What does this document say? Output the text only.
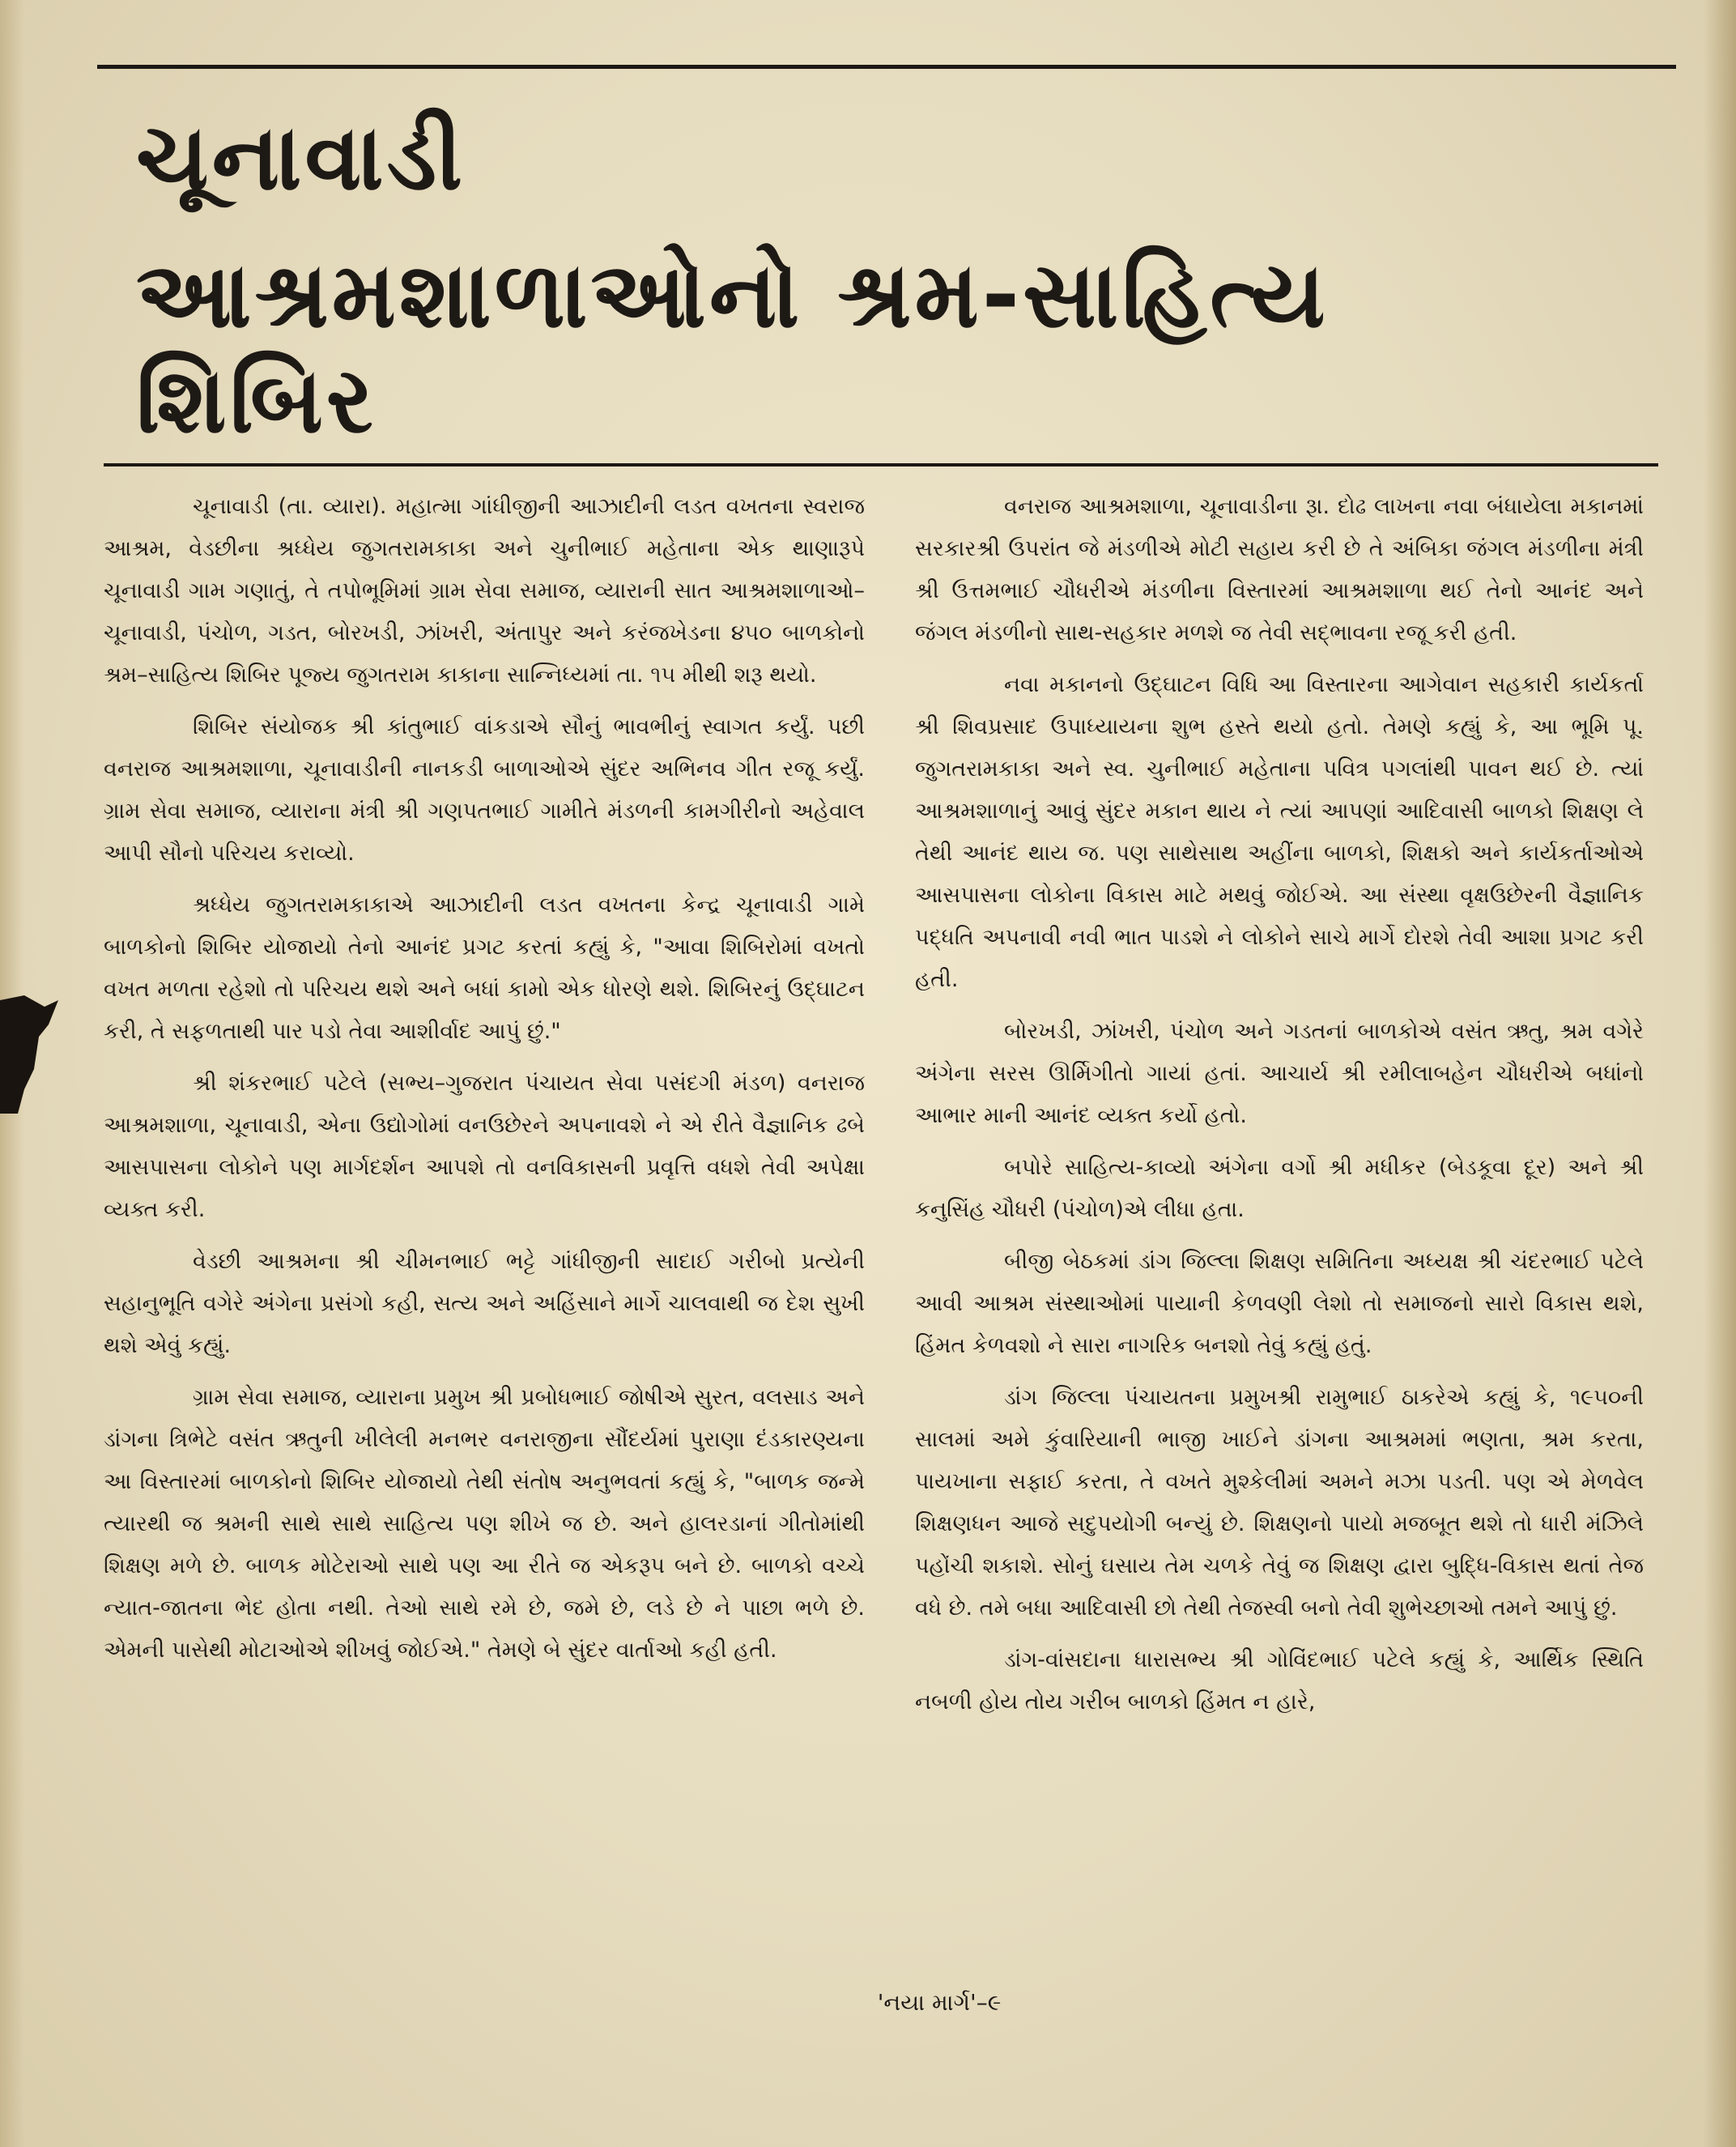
ચૂનાવાડી
આશ્રમશાળાઓનો શ્રમ-સાહિત્ય
શિબિર

ચૂનાવાડી (તા. વ્યારા). મહાત્મા ગાંધીજીની આઝાદીની લડત વખતના સ્વરાજ આશ્રમ, વેડછીના શ્રધ્ધેય જુગતરામકાકા અને ચુનીભાઈ મહેતાના એક થાણારૂપે ચૂનાવાડી ગામ ગણાતું, તે તપોભૂમિમાં ગ્રામ સેવા સમાજ, વ્યારાની સાત આશ્રમશાળાઓ–ચૂનાવાડી, પંચોળ, ગડત, બોરખડી, ઝાંખરી, અંતાપુર અને કરંજખેડના ૪૫૦ બાળકોનો શ્રમ–સાહિત્ય શિબિર પૂજ્ય જુગતરામ કાકાના સાન્નિધ્યમાં તા. ૧૫ મીથી શરૂ થયો.

શિબિર સંયોજક શ્રી કાંતુભાઈ વાંકડાએ સૌનું ભાવભીનું સ્વાગત કર્યું. પછી વનરાજ આશ્રમશાળા, ચૂનાવાડીની નાનકડી બાળાઓએ સુંદર અભિનવ ગીત રજૂ કર્યું. ગ્રામ સેવા સમાજ, વ્યારાના મંત્રી શ્રી ગણપતભાઈ ગામીતે મંડળની કામગીરીનો અહેવાલ આપી સૌનો પરિચય કરાવ્યો.

શ્રધ્ધેય જુગતરામકાકાએ આઝાદીની લડત વખતના કેન્દ્ર ચૂનાવાડી ગામે બાળકોનો શિબિર યોજાયો તેનો આનંદ પ્રગટ કરતાં કહ્યું કે, "આવા શિબિરોમાં વખતો વખત મળતા રહેશો તો પરિચય થશે અને બધાં કામો એક ધોરણે થશે. શિબિરનું ઉદ્‌ઘાટન કરી, તે સફળતાથી પાર પડો તેવા આશીર્વાદ આપું છું."

શ્રી શંકરભાઈ પટેલે (સભ્ય–ગુજરાત પંચાયત સેવા પસંદગી મંડળ) વનરાજ આશ્રમશાળા, ચૂનાવાડી, એના ઉદ્યોગોમાં વનઉછેરને અપનાવશે ને એ રીતે વૈજ્ઞાનિક ઢબે આસપાસના લોકોને પણ માર્ગદર્શન આપશે તો વનવિકાસની પ્રવૃત્તિ વધશે તેવી અપેક્ષા વ્યક્ત કરી.

વેડછી આશ્રમના શ્રી ચીમનભાઈ ભટ્ટે ગાંધીજીની સાદાઈ ગરીબો પ્રત્યેની સહાનુભૂતિ વગેરે અંગેના પ્રસંગો કહી, સત્ય અને અહિંસાને માર્ગે ચાલવાથી જ દેશ સુખી થશે એવું કહ્યું.

ગ્રામ સેવા સમાજ, વ્યારાના પ્રમુખ શ્રી પ્રબોધભાઈ જોષીએ સુરત, વલસાડ અને ડાંગના ત્રિભેટે વસંત ઋતુની ખીલેલી મનભર વનરાજીના સૌંદર્યમાં પુરાણા દંડકારણ્યના આ વિસ્તારમાં બાળકોનો શિબિર યોજાયો તેથી સંતોષ અનુભવતાં કહ્યું કે, "બાળક જન્મે ત્યારથી જ શ્રમની સાથે સાથે સાહિત્ય પણ શીખે જ છે. અને હાલરડાનાં ગીતોમાંથી શિક્ષણ મળે છે. બાળક મોટેરાઓ સાથે પણ આ રીતે જ એકરૂપ બને છે. બાળકો વચ્ચે ન્યાત-જાતના ભેદ હોતા નથી. તેઓ સાથે રમે છે, જમે છે, લડે છે ને પાછા ભળે છે. એમની પાસેથી મોટાઓએ શીખવું જોઈએ." તેમણે બે સુંદર વાર્તાઓ કહી હતી.

વનરાજ આશ્રમશાળા, ચૂનાવાડીના રૂા. દોઢ લાખના નવા બંધાયેલા મકાનમાં સરકારશ્રી ઉપરાંત જે મંડળીએ મોટી સહાય કરી છે તે અંબિકા જંગલ મંડળીના મંત્રી શ્રી ઉત્તમભાઈ ચૌધરીએ મંડળીના વિસ્તારમાં આશ્રમશાળા થઈ તેનો આનંદ અને જંગલ મંડળીનો સાથ-સહકાર મળશે જ તેવી સદ્‌ભાવના રજૂ કરી હતી.

નવા મકાનનો ઉદ્‌ઘાટન વિધિ આ વિસ્તારના આગેવાન સહકારી કાર્યકર્તા શ્રી શિવપ્રસાદ ઉપાધ્યાયના શુભ હસ્તે થયો હતો. તેમણે કહ્યું કે, આ ભૂમિ પૂ. જુગતરામકાકા અને સ્વ. ચુનીભાઈ મહેતાના પવિત્ર પગલાંથી પાવન થઈ છે. ત્યાં આશ્રમશાળાનું આવું સુંદર મકાન થાય ને ત્યાં આપણાં આદિવાસી બાળકો શિક્ષણ લે તેથી આનંદ થાય જ. પણ સાથેસાથ અહીંના બાળકો, શિક્ષકો અને કાર્યકર્તાઓએ આસપાસના લોકોના વિકાસ માટે મથવું જોઈએ. આ સંસ્થા વૃક્ષઉછેરની વૈજ્ઞાનિક પદ્ધતિ અપનાવી નવી ભાત પાડશે ને લોકોને સાચે માર્ગે દોરશે તેવી આશા પ્રગટ કરી હતી.

બોરખડી, ઝાંખરી, પંચોળ અને ગડતનાં બાળકોએ વસંત ઋતુ, શ્રમ વગેરે અંગેના સરસ ઊર્મિગીતો ગાયાં હતાં. આચાર્ય શ્રી રમીલાબહેન ચૌધરીએ બધાંનો આભાર માની આનંદ વ્યક્ત કર્યો હતો.

બપોરે સાહિત્ય-કાવ્યો અંગેના વર્ગો શ્રી મધીકર (બેડકૂવા દૂર) અને શ્રી કનુસિંહ ચૌધરી (પંચોળ)એ લીધા હતા.

બીજી બેઠકમાં ડાંગ જિલ્લા શિક્ષણ સમિતિના અધ્યક્ષ શ્રી ચંદરભાઈ પટેલે આવી આશ્રમ સંસ્થાઓમાં પાયાની કેળવણી લેશો તો સમાજનો સારો વિકાસ થશે, હિંમત કેળવશો ને સારા નાગરિક બનશો તેવું કહ્યું હતું.

ડાંગ જિલ્લા પંચાયતના પ્રમુખશ્રી રામુભાઈ ઠાકરેએ કહ્યું કે, ૧૯૫૦ની સાલમાં અમે કુંવારિયાની ભાજી ખાઈને ડાંગના આશ્રમમાં ભણતા, શ્રમ કરતા, પાયખાના સફાઈ કરતા, તે વખતે મુશ્કેલીમાં અમને મઝા પડતી. પણ એ મેળવેલ શિક્ષણધન આજે સદુપયોગી બન્યું છે. શિક્ષણનો પાયો મજબૂત થશે તો ધારી મંઝિલે પહોંચી શકાશે. સોનું ઘસાય તેમ ચળકે તેવું જ શિક્ષણ દ્વારા બુદ્ધિ-વિકાસ થતાં તેજ વધે છે. તમે બધા આદિવાસી છો તેથી તેજસ્વી બનો તેવી શુભેચ્છાઓ તમને આપું છું.

ડાંગ-વાંસદાના ધારાસભ્ય શ્રી ગોવિંદભાઈ પટેલે કહ્યું કે, આર્થિક સ્થિતિ નબળી હોય તોય ગરીબ બાળકો હિંમત ન હારે,

'નયા માર્ગ'–૯
